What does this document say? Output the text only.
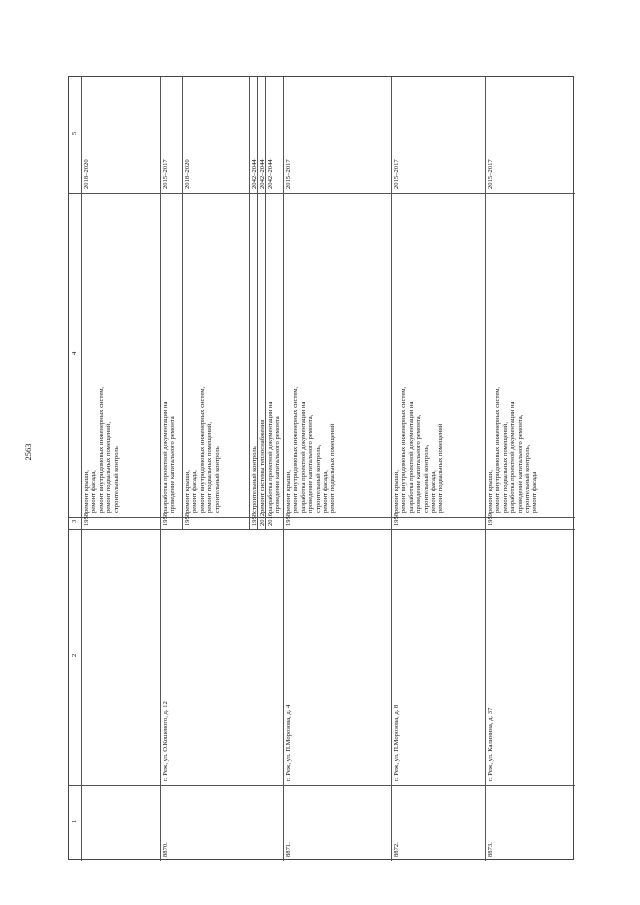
2563
1
2
3
4
5
1958
ремонт крыши,
ремонт фасада,
ремонт внутридомовых инженерных систем,
ремонт подвальных помещений,
строительный контроль
2018–2020
8870.
г. Реж, ул. О.Кошевого, д. 12
1958
разработка проектной документации на
проведение капитального ремонта
2015–2017
1958
ремонт крыши,
ремонт фасада,
ремонт внутридомовых инженерных систем,
ремонт подвальных помещений,
строительный контроль
2018–2020
1958
строительный контроль
2042–2044
2012
ремонт системы теплоснабжения
2042–2044
2016
разработка проектной документации на
проведение капитального ремонта
2042–2044
8871.
г. Реж, ул. П.Морозова, д. 4
1958
ремонт крыши,
ремонт внутридомовых инженерных систем,
разработка проектной документации на
проведение капитального ремонта,
строительный контроль,
ремонт фасада,
ремонт подвальных помещений
2015–2017
8872.
г. Реж, ул. П.Морозова, д. 8
1958
ремонт крыши,
ремонт внутридомовых инженерных систем,
разработка проектной документации на
проведение капитального ремонта,
строительный контроль,
ремонт фасада,
ремонт подвальных помещений
2015–2017
8873.
г. Реж, ул. Калинина, д. 37
1959
ремонт крыши,
ремонт внутридомовых инженерных систем,
ремонт подвальных помещений,
разработка проектной документации на
проведение капитального ремонта,
строительный контроль,
ремонт фасада
2015–2017
